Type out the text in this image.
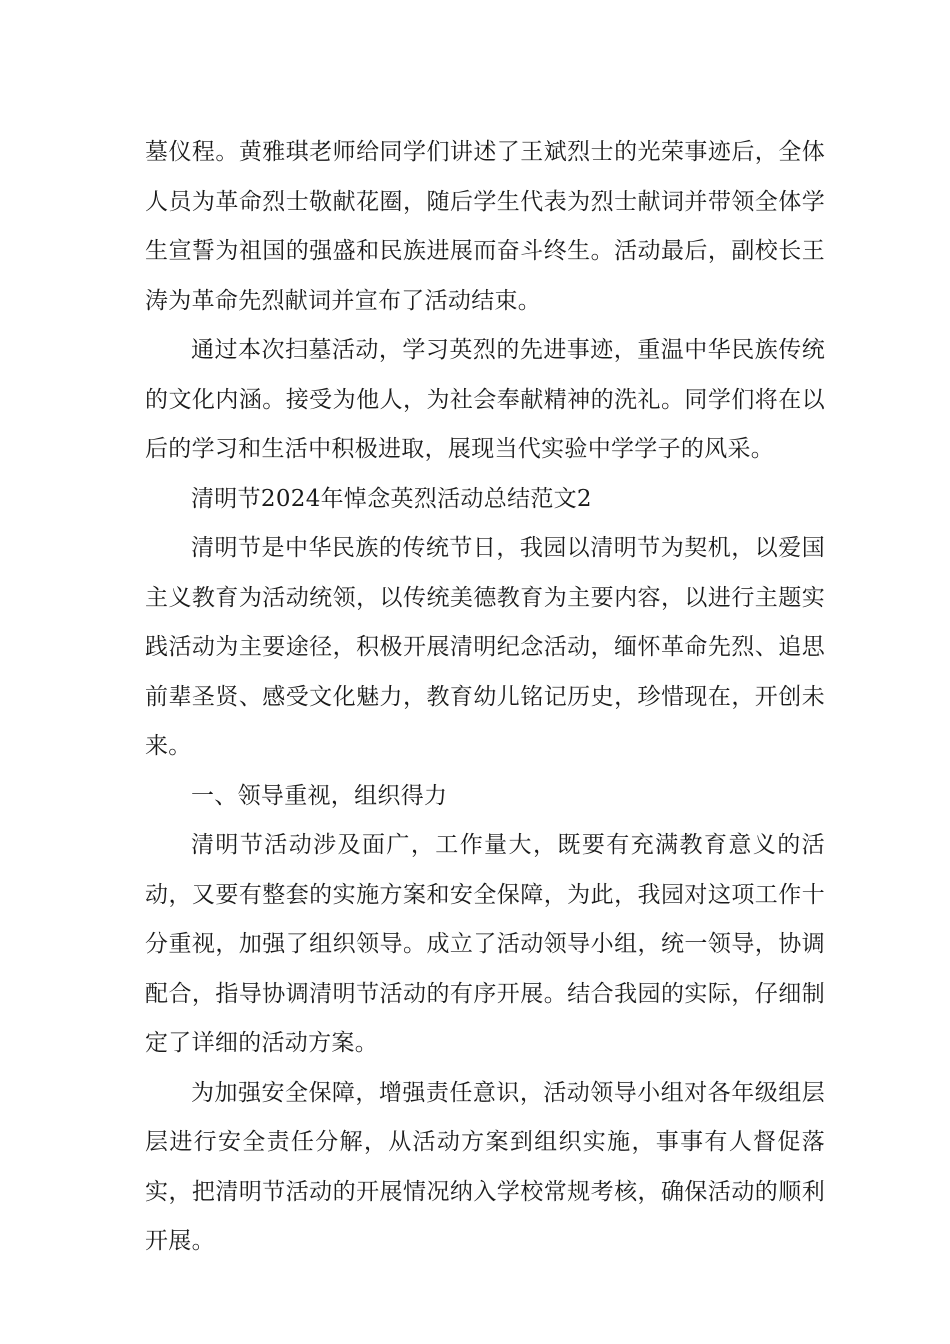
墓仪程。黄雅琪老师给同学们讲述了王斌烈士的光荣事迹后，全体人员为革命烈士敬献花圈，随后学生代表为烈士献词并带领全体学生宣誓为祖国的强盛和民族进展而奋斗终生。活动最后，副校长王涛为革命先烈献词并宣布了活动结束。

通过本次扫墓活动，学习英烈的先进事迹，重温中华民族传统的文化内涵。接受为他人，为社会奉献精神的洗礼。同学们将在以后的学习和生活中积极进取，展现当代实验中学学子的风采。

清明节2024年悼念英烈活动总结范文2

清明节是中华民族的传统节日，我园以清明节为契机，以爱国主义教育为活动统领，以传统美德教育为主要内容，以进行主题实践活动为主要途径，积极开展清明纪念活动，缅怀革命先烈、追思前辈圣贤、感受文化魅力，教育幼儿铭记历史，珍惜现在，开创未来。

一、领导重视，组织得力

清明节活动涉及面广，工作量大，既要有充满教育意义的活动，又要有整套的实施方案和安全保障，为此，我园对这项工作十分重视，加强了组织领导。成立了活动领导小组，统一领导，协调配合，指导协调清明节活动的有序开展。结合我园的实际，仔细制定了详细的活动方案。

为加强安全保障，增强责任意识，活动领导小组对各年级组层层进行安全责任分解，从活动方案到组织实施，事事有人督促落实，把清明节活动的开展情况纳入学校常规考核，确保活动的顺利开展。
